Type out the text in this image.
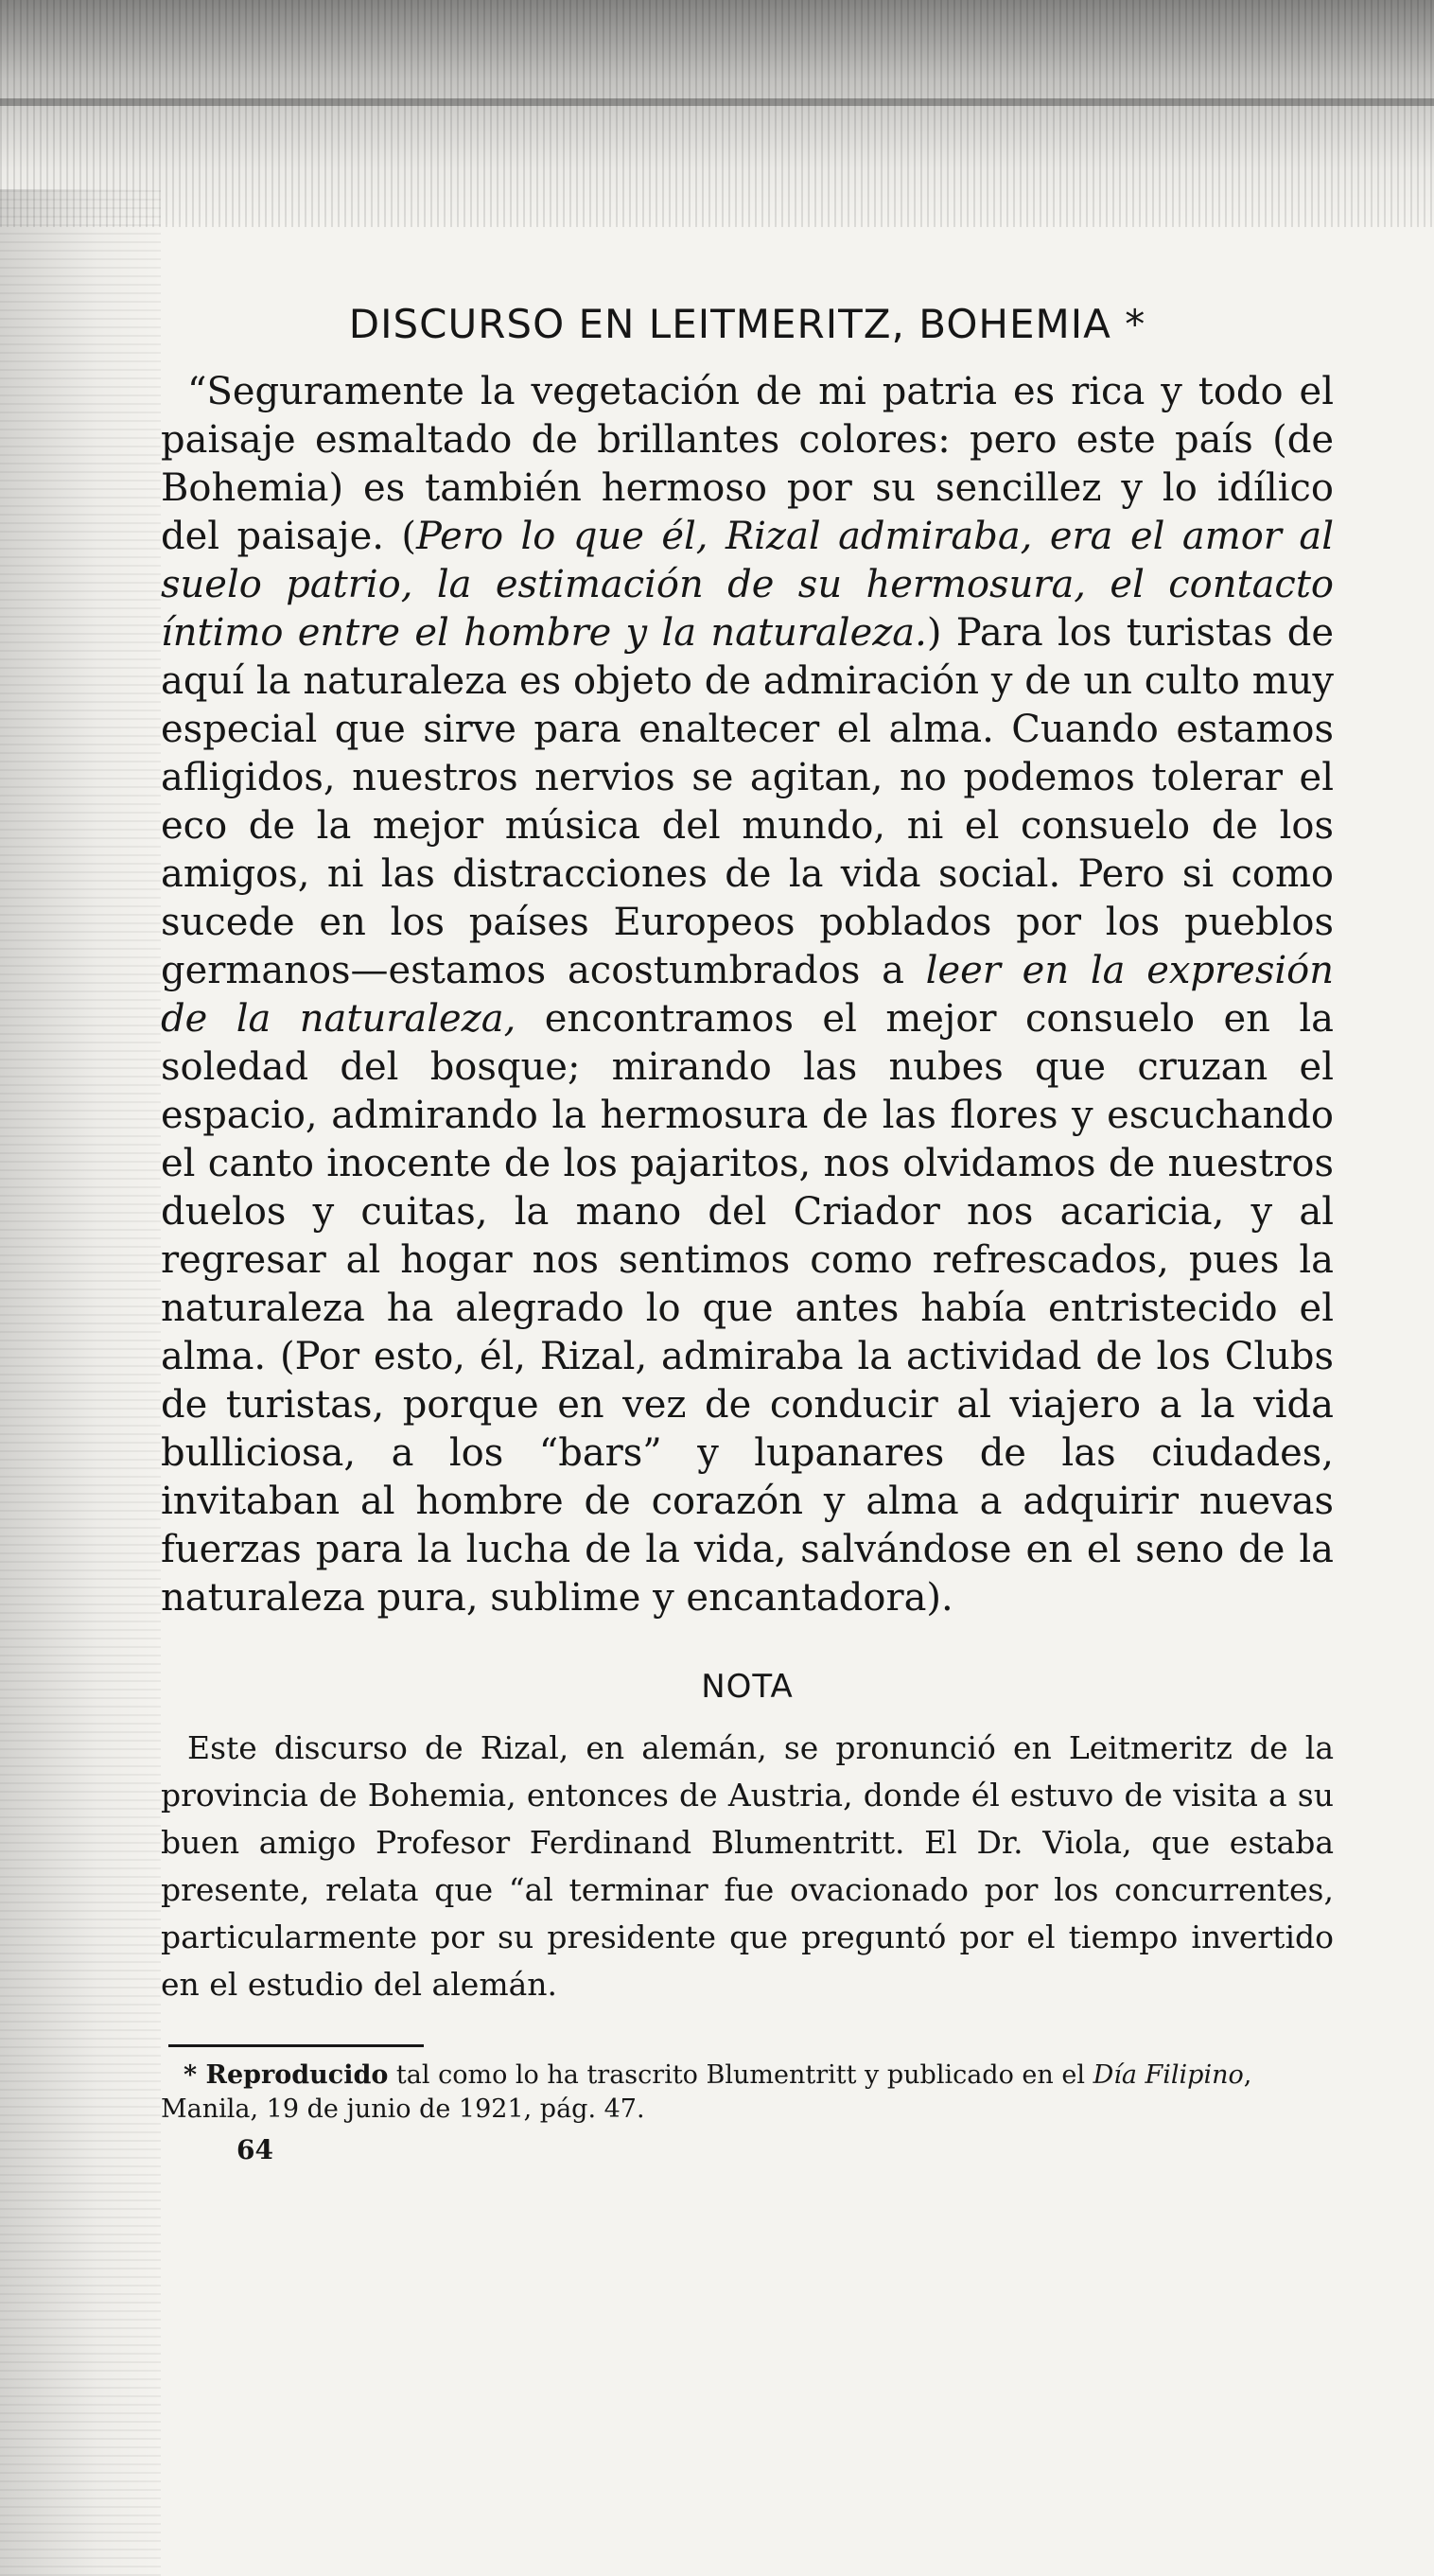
DISCURSO EN LEITMERITZ, BOHEMIA *

“Seguramente la vegetación de mi patria es rica y todo el paisaje esmaltado de brillantes colores: pero este país (de Bohemia) es también hermoso por su sencillez y lo idílico del paisaje. (Pero lo que él, Rizal admiraba, era el amor al suelo patrio, la estimación de su hermosura, el contacto íntimo entre el hombre y la naturaleza.) Para los turistas de aquí la naturaleza es objeto de admiración y de un culto muy especial que sirve para enaltecer el alma. Cuando estamos afligidos, nuestros nervios se agitan, no podemos tolerar el eco de la mejor música del mundo, ni el consuelo de los amigos, ni las distracciones de la vida social. Pero si como sucede en los países Europeos poblados por los pueblos germanos—estamos acostumbrados a leer en la expresión de la naturaleza, encontramos el mejor consuelo en la soledad del bosque; mirando las nubes que cruzan el espacio, admirando la hermosura de las flores y escuchando el canto inocente de los pajaritos, nos olvidamos de nuestros duelos y cuitas, la mano del Criador nos acaricia, y al regresar al hogar nos sentimos como refrescados, pues la naturaleza ha alegrado lo que antes había entristecido el alma. (Por esto, él, Rizal, admiraba la actividad de los Clubs de turistas, porque en vez de conducir al viajero a la vida bulliciosa, a los “bars” y lupanares de las ciudades, invitaban al hombre de corazón y alma a adquirir nuevas fuerzas para la lucha de la vida, salvándose en el seno de la naturaleza pura, sublime y encantadora).

NOTA

Este discurso de Rizal, en alemán, se pronunció en Leitmeritz de la provincia de Bohemia, entonces de Austria, donde él estuvo de visita a su buen amigo Profesor Ferdinand Blumentritt. El Dr. Viola, que estaba presente, relata que “al terminar fue ovacionado por los concurrentes, particularmente por su presidente que preguntó por el tiempo invertido en el estudio del alemán.

* Reproducido tal como lo ha trascrito Blumentritt y publicado en el Día Filipino, Manila, 19 de junio de 1921, pág. 47.

64
